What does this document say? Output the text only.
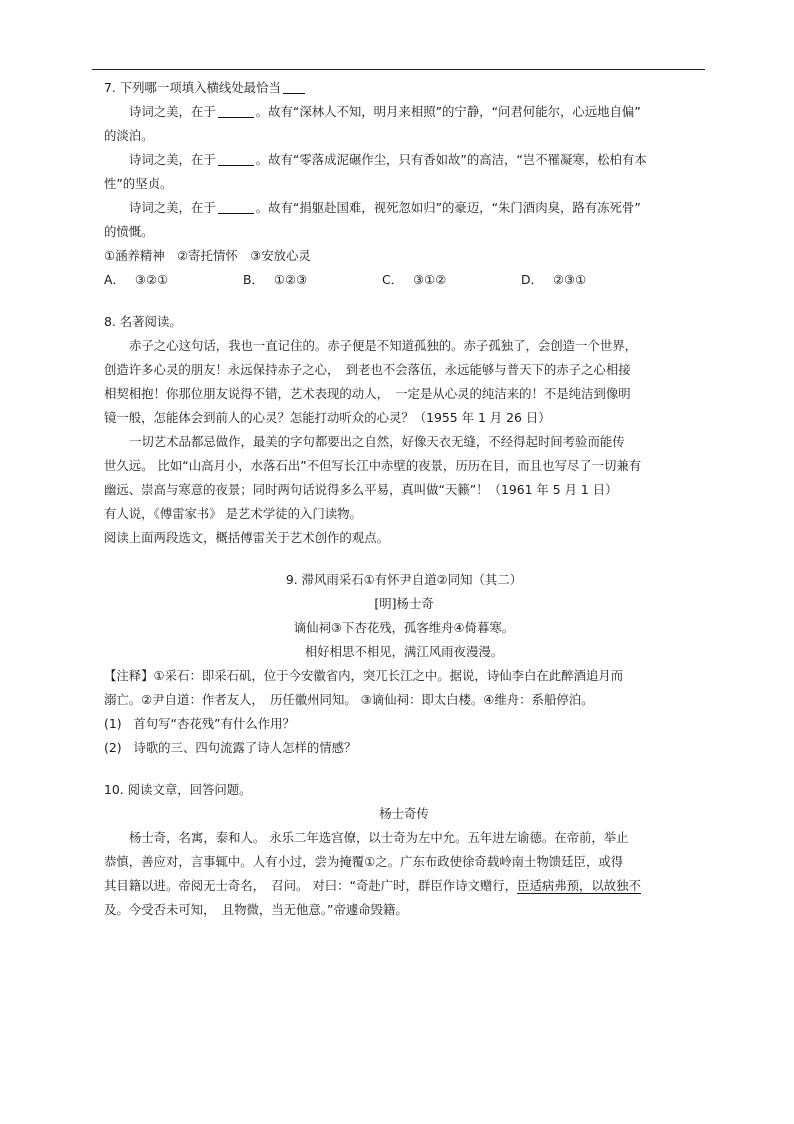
7. 下列哪一项填入横线处最恰当
诗词之美，在于	。故有“深林人不知，明月来相照”的宁静，“问君何能尔，心远地自偏”
的淡泊。
诗词之美，在于	。故有“零落成泥碾作尘，只有香如故”的高洁，“岂不罹凝寒，松柏有本
性”的坚贞。
诗词之美，在于	。故有“捐躯赴国难，视死忽如归”的豪迈，“朱门酒肉臭，路有冻死骨”
的愤慨。
①涵养精神　②寄托情怀　③安放心灵
A． ③②①	B． ①②③	C． ③①②	D． ②③①
8. 名著阅读。
赤子之心这句话，我也一直记住的。赤子便是不知道孤独的。赤子孤独了，会创造一个世界，
创造许多心灵的朋友！永远保持赤子之心，　到老也不会落伍，永远能够与普天下的赤子之心相接
相契相抱！你那位朋友说得不错，艺术表现的动人，　一定是从心灵的纯洁来的！不是纯洁到像明
镜一般，怎能体会到前人的心灵？怎能打动听众的心灵？（1955 年 1 月 26 日）
一切艺术品都忌做作，最美的字句都要出之自然，好像天衣无缝，不经得起时间考验而能传
世久远。 比如“山高月小，水落石出”不但写长江中赤壁的夜景，历历在目，而且也写尽了一切兼有
幽远、崇高与寒意的夜景；同时两句话说得多么平易，真叫做“天籁”！（1961 年 5 月 1 日）
有人说，《傅雷家书》 是艺术学徒的入门读物。
阅读上面两段选文，概括傅雷关于艺术创作的观点。
9. 滞风雨采石①有怀尹自道②同知（其二）
[明]杨士奇
谪仙祠③下杏花残，孤客维舟④倚暮寒。
相好相思不相见，满江风雨夜漫漫。
【注释】①采石：即采石矶，位于今安徽省内，突兀长江之中。据说，诗仙李白在此醉酒追月而
溺亡。②尹自道：作者友人，　历任徽州同知。 ③谪仙祠：即太白楼。④维舟：系船停泊。
(1) 首句写“杏花残”有什么作用？
(2) 诗歌的三、四句流露了诗人怎样的情感？
10. 阅读文章，回答问题。
杨士奇传
杨士奇，名寓，泰和人。 永乐二年选宫僚，以士奇为左中允。五年进左谕德。在帝前，举止
恭慎，善应对，言事辄中。人有小过，尝为掩覆①之。广东布政使徐奇载岭南土物馈廷臣，或得
其目籍以进。帝阅无士奇名，　召问。 对曰：“奇赴广时，群臣作诗文赠行，臣适病弗预，以故独不
及。今受否未可知，　且物微，当无他意。”帝遽命毁籍。
